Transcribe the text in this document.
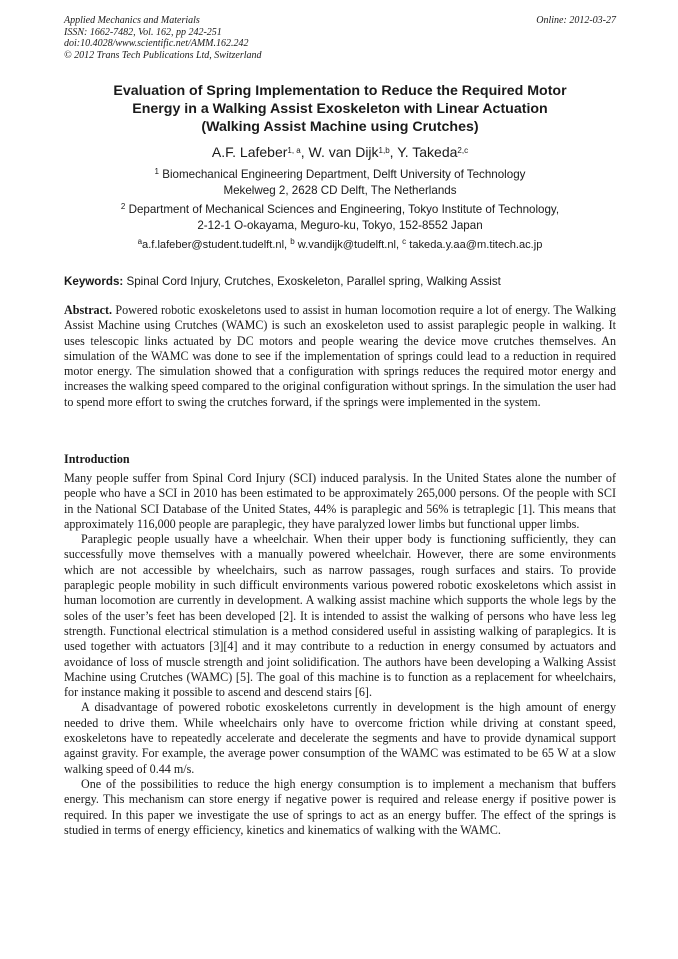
Applied Mechanics and Materials
ISSN: 1662-7482, Vol. 162, pp 242-251
doi:10.4028/www.scientific.net/AMM.162.242
© 2012 Trans Tech Publications Ltd, Switzerland
Online: 2012-03-27
Evaluation of Spring Implementation to Reduce the Required Motor
Energy in a Walking Assist Exoskeleton with Linear Actuation
(Walking Assist Machine using Crutches)
A.F. Lafeber$^{1, a}$, W. van Dijk$^{1,b}$, Y. Takeda$^{2,c}$
$^1$ Biomechanical Engineering Department, Delft University of Technology
Mekelweg 2, 2628 CD Delft, The Netherlands
$^2$ Department of Mechanical Sciences and Engineering, Tokyo Institute of Technology,
2-12-1 O-okayama, Meguro-ku, Tokyo, 152-8552 Japan
$^a$a.f.lafeber@student.tudelft.nl, $^b$ w.vandijk@tudelft.nl, $^c$ takeda.y.aa@m.titech.ac.jp
Keywords: Spinal Cord Injury, Crutches, Exoskeleton, Parallel spring, Walking Assist
Abstract. Powered robotic exoskeletons used to assist in human locomotion require a lot of energy. The Walking Assist Machine using Crutches (WAMC) is such an exoskeleton used to assist paraplegic people in walking. It uses telescopic links actuated by DC motors and people wearing the device move crutches themselves. An simulation of the WAMC was done to see if the implementation of springs could lead to a reduction in required motor energy. The simulation showed that a configuration with springs reduces the required motor energy and increases the walking speed compared to the original configuration without springs. In the simulation the user had to spend more effort to swing the crutches forward, if the springs were implemented in the system.
Introduction

Many people suffer from Spinal Cord Injury (SCI) induced paralysis. In the United States alone the number of people who have a SCI in 2010 has been estimated to be approximately 265,000 persons. Of the people with SCI in the National SCI Database of the United States, 44% is paraplegic and 56% is tetraplegic [1]. This means that approximately 116,000 people are paraplegic, they have paralyzed lower limbs but functional upper limbs.

Paraplegic people usually have a wheelchair. When their upper body is functioning sufficiently, they can successfully move themselves with a manually powered wheelchair. However, there are some environments which are not accessible by wheelchairs, such as narrow passages, rough surfaces and stairs. To provide paraplegic people mobility in such difficult environments various powered robotic exoskeletons which assist in human locomotion are currently in development. A walking assist machine which supports the whole legs by the soles of the user’s feet has been developed [2]. It is intended to assist the walking of persons who have less leg strength. Functional electrical stimulation is a method considered useful in assisting walking of paraplegics. It is used together with actuators [3][4] and it may contribute to a reduction in energy consumed by actuators and avoidance of loss of muscle strength and joint solidification. The authors have been developing a Walking Assist Machine using Crutches (WAMC) [5]. The goal of this machine is to function as a replacement for wheelchairs, for instance making it possible to ascend and descend stairs [6].

A disadvantage of powered robotic exoskeletons currently in development is the high amount of energy needed to drive them. While wheelchairs only have to overcome friction while driving at constant speed, exoskeletons have to repeatedly accelerate and decelerate the segments and have to provide dynamical support against gravity. For example, the average power consumption of the WAMC was estimated to be 65 W at a slow walking speed of 0.44 m/s.

One of the possibilities to reduce the high energy consumption is to implement a mechanism that buffers energy. This mechanism can store energy if negative power is required and release energy if positive power is required. In this paper we investigate the use of springs to act as an energy buffer. The effect of the springs is studied in terms of energy efficiency, kinetics and kinematics of walking with the WAMC.
